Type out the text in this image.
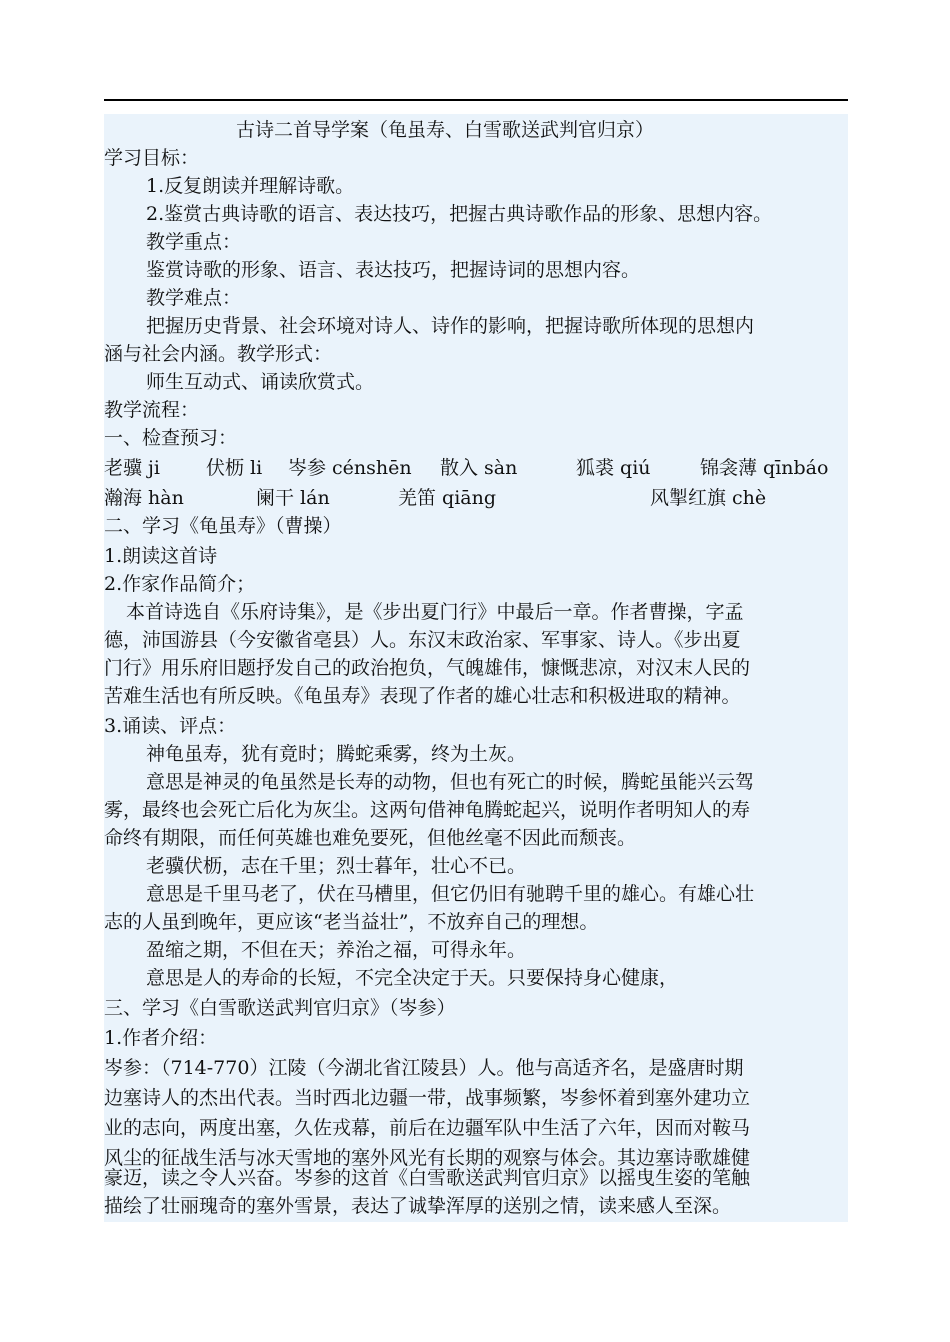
古诗二首导学案（龟虽寿、白雪歌送武判官归京）
学习目标：
1.反复朗读并理解诗歌。
2.鉴赏古典诗歌的语言、表达技巧，把握古典诗歌作品的形象、思想内容。
教学重点：
鉴赏诗歌的形象、语言、表达技巧，把握诗词的思想内容。
教学难点：
把握历史背景、社会环境对诗人、诗作的影响，把握诗歌所体现的思想内
涵与社会内涵。教学形式：
师生互动式、诵读欣赏式。
教学流程：
一、检查预习：
老骥 ji 伏枥 li 岑参 cénshēn 散入 sàn	狐裘 qiú	锦衾薄 qīnbáo
瀚海 hàn	阑干 lán	羌笛 qiāng	风掣红旗 chè
二、学习《龟虽寿》（曹操）
1.朗读这首诗
2.作家作品简介；
本首诗选自《乐府诗集》，是《步出夏门行》中最后一章。作者曹操，字孟
德，沛国游县（今安徽省亳县）人。东汉末政治家、军事家、诗人。《步出夏
门行》用乐府旧题抒发自己的政治抱负，气魄雄伟，慷慨悲凉，对汉末人民的
苦难生活也有所反映。《龟虽寿》表现了作者的雄心壮志和积极进取的精神。
3.诵读、评点：
神龟虽寿，犹有竟时；腾蛇乘雾，终为土灰。
意思是神灵的龟虽然是长寿的动物，但也有死亡的时候，腾蛇虽能兴云驾
雾，最终也会死亡后化为灰尘。这两句借神龟腾蛇起兴，说明作者明知人的寿
命终有期限，而任何英雄也难免要死，但他丝毫不因此而颓丧。
老骥伏枥，志在千里；烈士暮年，壮心不已。
意思是千里马老了，伏在马槽里，但它仍旧有驰聘千里的雄心。有雄心壮
志的人虽到晚年，更应该“老当益壮”，不放弃自己的理想。
盈缩之期，不但在天；养治之福，可得永年。
意思是人的寿命的长短，不完全决定于天。只要保持身心健康，
三、学习《白雪歌送武判官归京》（岑参）
1.作者介绍：
岑参：（714-770）江陵（今湖北省江陵县）人。他与高适齐名，是盛唐时期
边塞诗人的杰出代表。当时西北边疆一带，战事频繁，岑参怀着到塞外建功立
业的志向，两度出塞，久佐戎幕，前后在边疆军队中生活了六年，因而对鞍马
风尘的征战生活与冰天雪地的塞外风光有长期的观察与体会。其边塞诗歌雄健
豪迈，读之令人兴奋。岑参的这首《白雪歌送武判官归京》以摇曳生姿的笔触
描绘了壮丽瑰奇的塞外雪景，表达了诚挚浑厚的送别之情，读来感人至深。
